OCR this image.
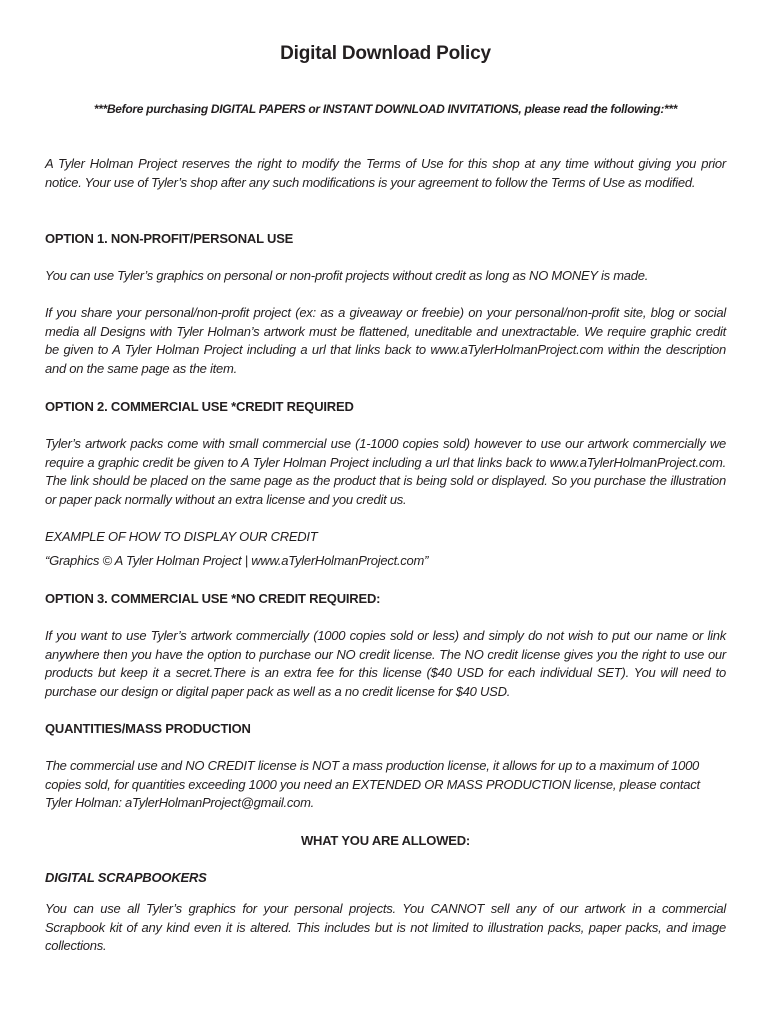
Digital Download Policy

***Before purchasing DIGITAL PAPERS or INSTANT DOWNLOAD INVITATIONS, please read the following:***

A Tyler Holman Project reserves the right to modify the Terms of Use for this shop at any time without giving you prior notice. Your use of Tyler’s shop after any such modifications is your agreement to follow the Terms of Use as modified.

OPTION 1. NON-PROFIT/PERSONAL USE

You can use Tyler’s graphics on personal or non-profit projects without credit as long as NO MONEY is made.

If you share your personal/non-profit project (ex: as a giveaway or freebie) on your personal/non-profit site, blog or social media all Designs with Tyler Holman’s artwork must be flattened, uneditable and unextractable. We require graphic credit be given to A Tyler Holman Project including a url that links back to www.aTylerHolmanProject.com within the description and on the same page as the item.

OPTION 2. COMMERCIAL USE *CREDIT REQUIRED

Tyler’s artwork packs come with small commercial use (1-1000 copies sold) however to use our artwork commercially we require a graphic credit be given to A Tyler Holman Project including a url that links back to www.aTylerHolmanProject.com. The link should be placed on the same page as the product that is being sold or displayed. So you purchase the illustration or paper pack normally without an extra license and you credit us.

EXAMPLE OF HOW TO DISPLAY OUR CREDIT

“Graphics © A Tyler Holman Project | www.aTylerHolmanProject.com”

OPTION 3. COMMERCIAL USE *NO CREDIT REQUIRED:

If you want to use Tyler’s artwork commercially (1000 copies sold or less) and simply do not wish to put our name or link anywhere then you have the option to purchase our NO credit license. The NO credit license gives you the right to use our products but keep it a secret.There is an extra fee for this license ($40 USD for each individual SET). You will need to purchase our design or digital paper pack as well as a no credit license for $40 USD.

QUANTITIES/MASS PRODUCTION

The commercial use and NO CREDIT license is NOT a mass production license, it allows for up to a maximum of 1000 copies sold, for quantities exceeding 1000 you need an EXTENDED OR MASS PRODUCTION license, please contact Tyler Holman: aTylerHolmanProject@gmail.com.

WHAT YOU ARE ALLOWED:
DIGITAL SCRAPBOOKERS

You can use all Tyler’s graphics for your personal projects. You CANNOT sell any of our artwork in a commercial Scrapbook kit of any kind even it is altered. This includes but is not limited to illustration packs, paper packs, and image collections.
